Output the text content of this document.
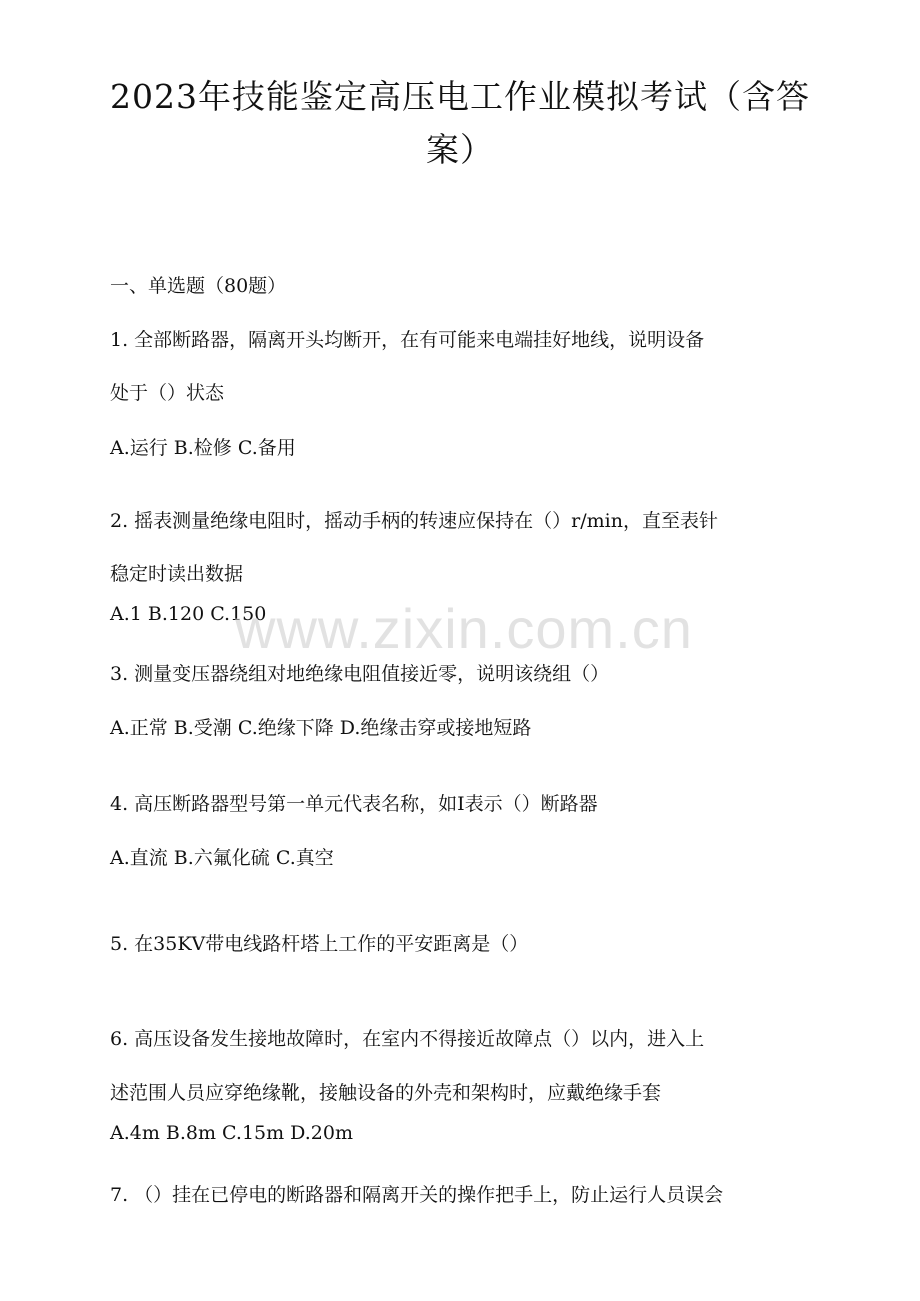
2023年技能鉴定高压电工作业模拟考试（含答案）

一、单选题（80题）

1. 全部断路器，隔离开头均断开，在有可能来电端挂好地线，说明设备

处于（）状态

A.运行 B.检修 C.备用

2. 摇表测量绝缘电阻时，摇动手柄的转速应保持在（）r/min，直至表针

稳定时读出数据

A.1 B.120 C.150

3. 测量变压器绕组对地绝缘电阻值接近零，说明该绕组（）

A.正常 B.受潮 C.绝缘下降 D.绝缘击穿或接地短路

4. 高压断路器型号第一单元代表名称，如I表示（）断路器

A.直流 B.六氟化硫 C.真空

5. 在35KV带电线路杆塔上工作的平安距离是（）

6. 高压设备发生接地故障时，在室内不得接近故障点（）以内，进入上

述范围人员应穿绝缘靴，接触设备的外壳和架构时，应戴绝缘手套

A.4m B.8m C.15m D.20m

7. （）挂在已停电的断路器和隔离开关的操作把手上，防止运行人员误会

www.zixin.com.cn
